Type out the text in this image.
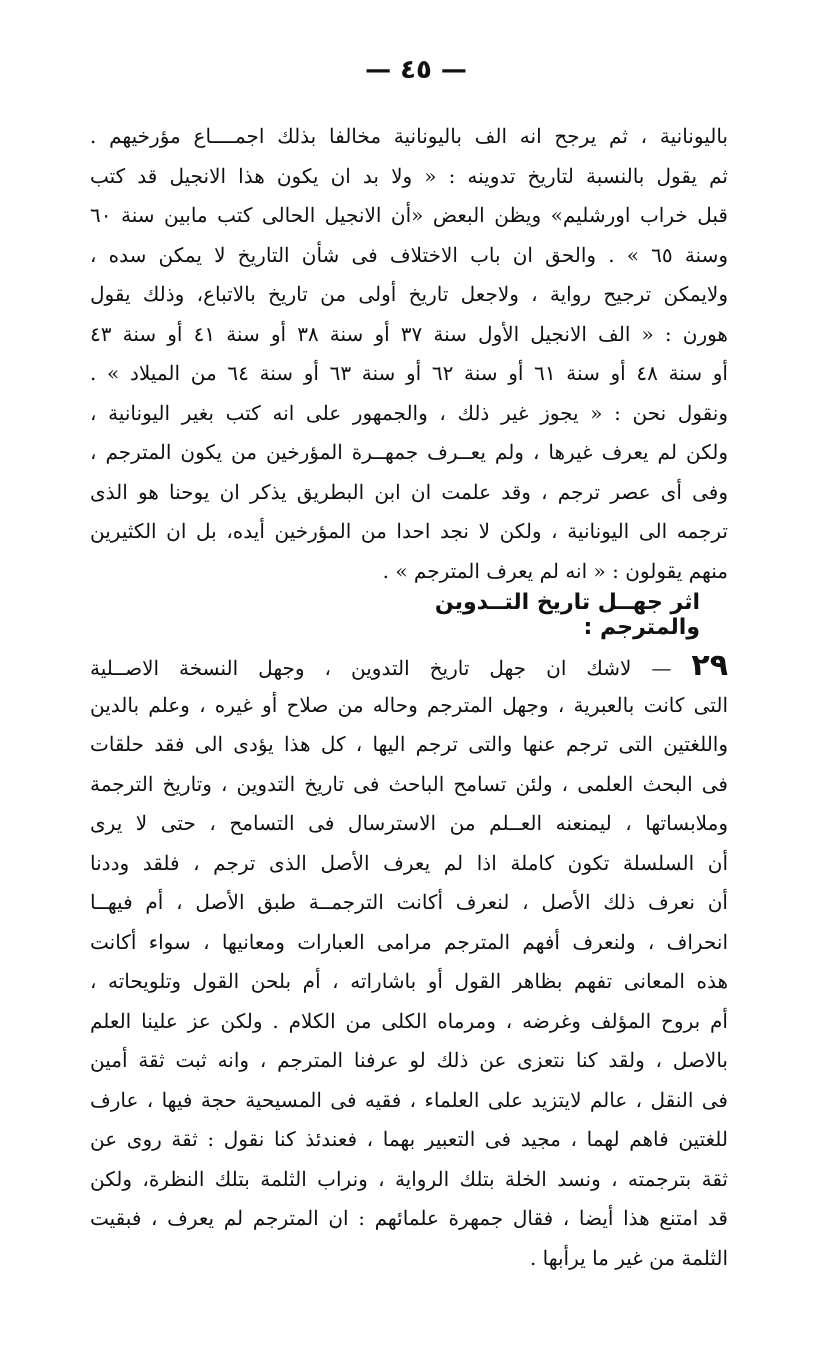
— ٤٥ —
باليونانية ، ثم يرجح انه الف باليونانية مخالفا بذلك اجمــــاع مؤرخيهم .
ثم يقول بالنسبة لتاريخ تدوينه : « ولا بد ان يكون هذا الانجيل قد كتب
قبل خراب اورشليم» ويظن البعض «أن الانجيل الحالى كتب مابين سنة ٦٠
وسنة ٦٥ » . والحق ان باب الاختلاف فى شأن التاريخ لا يمكن سده ،
ولايمكن ترجيح رواية ، ولاجعل تاريخ أولى من تاريخ بالاتباع، وذلك يقول
هورن : « الف الانجيل الأول سنة ٣٧ أو سنة ٣٨ أو سنة ٤١ أو سنة ٤٣
أو سنة ٤٨ أو سنة ٦١ أو سنة ٦٢ أو سنة ٦٣ أو سنة ٦٤ من الميلاد » .
ونقول نحن : « يجوز غير ذلك ، والجمهور على انه كتب بغير اليونانية ،
ولكن لم يعرف غيرها ، ولم يعــرف جمهــرة المؤرخين من يكون المترجم ،
وفى أى عصر ترجم ، وقد علمت ان ابن البطريق يذكر ان يوحنا هو الذى
ترجمه الى اليونانية ، ولكن لا نجد احدا من المؤرخين أيده، بل ان الكثيرين
منهم يقولون : « انه لم يعرف المترجم » .
اثر جهــل تاريخ التــدوين والمترجم :
٢٩ — لاشك ان جهل تاريخ التدوين ، وجهل النسخة الاصــلية
التى كانت بالعبرية ، وجهل المترجم وحاله من صلاح أو غيره ، وعلم بالدين
واللغتين التى ترجم عنها والتى ترجم اليها ، كل هذا يؤدى الى فقد حلقات
فى البحث العلمى ، ولئن تسامح الباحث فى تاريخ التدوين ، وتاريخ الترجمة
وملابساتها ، ليمنعنه العــلم من الاسترسال فى التسامح ، حتى لا يرى
أن السلسلة تكون كاملة اذا لم يعرف الأصل الذى ترجم ، فلقد وددنا
أن نعرف ذلك الأصل ، لنعرف أكانت الترجمــة طبق الأصل ، أم فيهــا
انحراف ، ولنعرف أفهم المترجم مرامى العبارات ومعانيها ، سواء أكانت
هذه المعانى تفهم بظاهر القول أو باشاراته ، أم بلحن القول وتلويحاته ،
أم بروح المؤلف وغرضه ، ومرماه الكلى من الكلام . ولكن عز علينا العلم
بالاصل ، ولقد كنا نتعزى عن ذلك لو عرفنا المترجم ، وانه ثبت ثقة أمين
فى النقل ، عالم لايتزيد على العلماء ، فقيه فى المسيحية حجة فيها ، عارف
للغتين فاهم لهما ، مجيد فى التعبير بهما ، فعندئذ كنا نقول : ثقة روى عن
ثقة بترجمته ، ونسد الخلة بتلك الرواية ، ونراب الثلمة بتلك النظرة، ولكن
قد امتنع هذا أيضا ، فقال جمهرة علمائهم : ان المترجم لم يعرف ، فبقيت
الثلمة من غير ما يرأبها .
